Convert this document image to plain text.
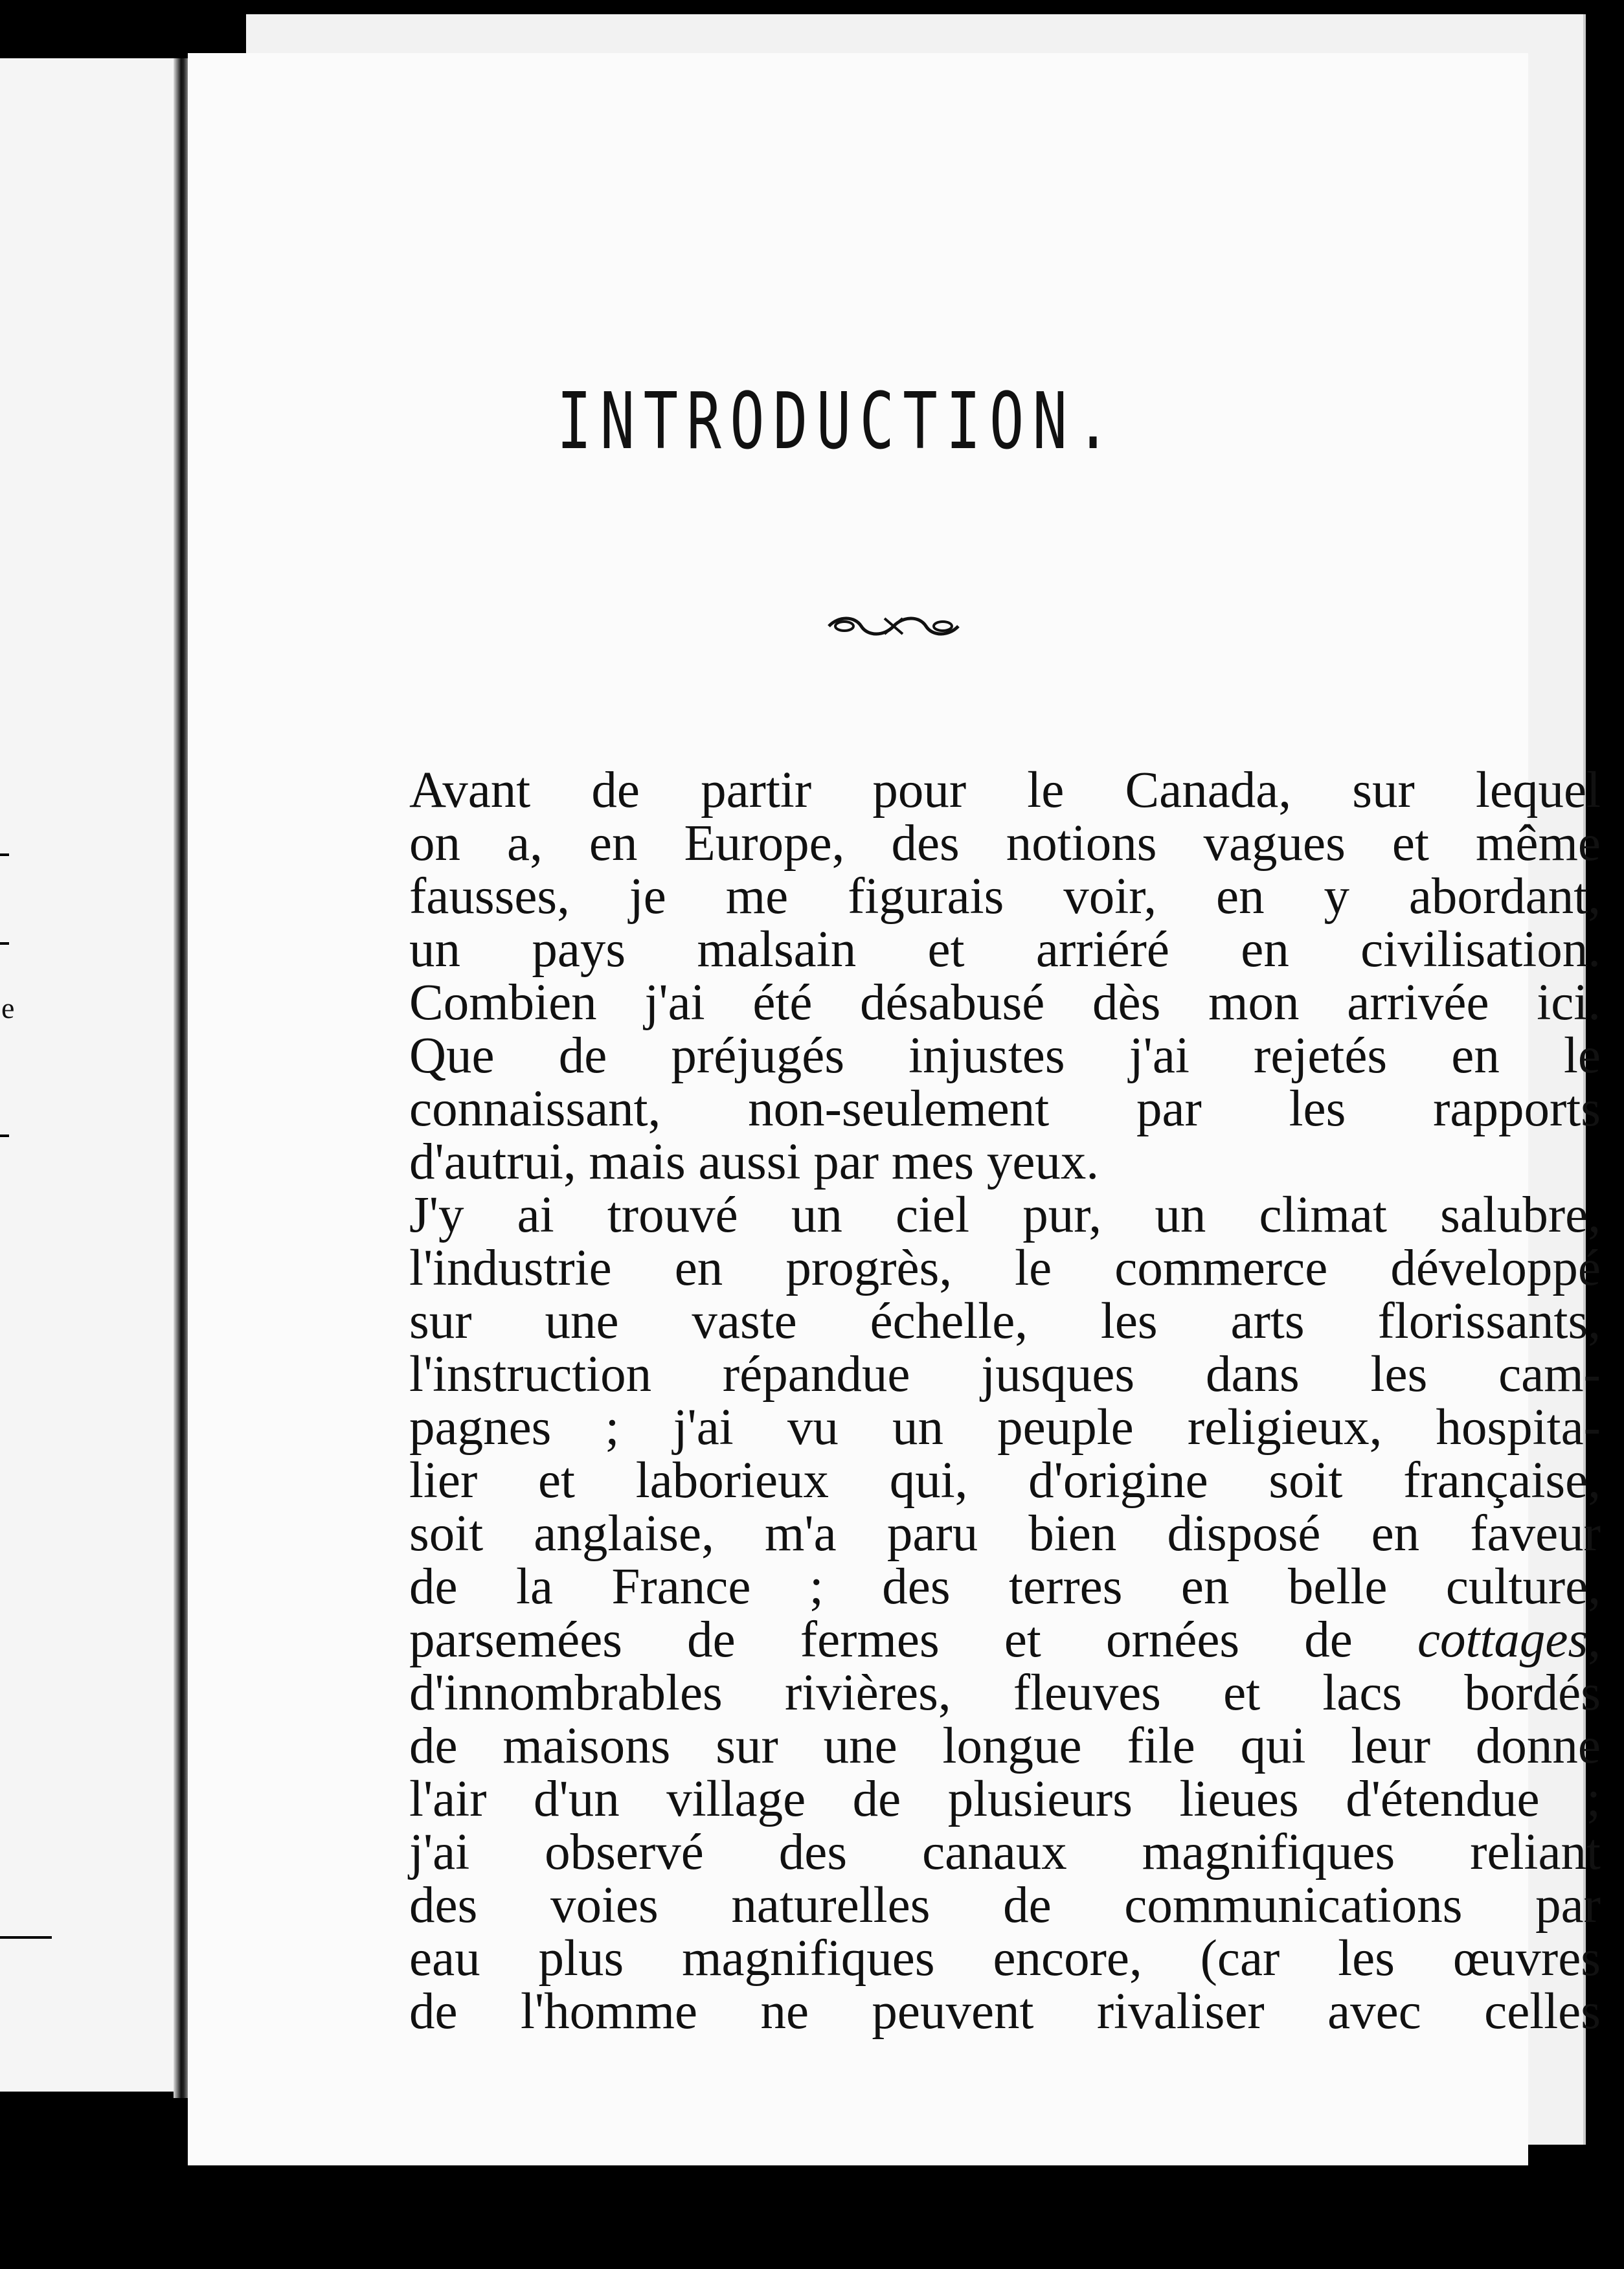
e
INTRODUCTION.

Avant de partir pour le Canada, sur lequel
on a, en Europe, des notions vagues et même
fausses, je me figurais voir, en y abordant,
un pays malsain et arriéré en civilisation.
Combien j'ai été désabusé dès mon arrivée ici.
Que de préjugés injustes j'ai rejetés en le
connaissant, non-seulement par les rapports
d'autrui, mais aussi par mes yeux.

J'y ai trouvé un ciel pur, un climat salubre,
l'industrie en progrès, le commerce développé
sur une vaste échelle, les arts florissants,
l'instruction répandue jusques dans les cam-
pagnes ; j'ai vu un peuple religieux, hospita-
lier et laborieux qui, d'origine soit française,
soit anglaise, m'a paru bien disposé en faveur
de la France ; des terres en belle culture,
parsemées de fermes et ornées de cottages,
d'innombrables rivières, fleuves et lacs bordés
de maisons sur une longue file qui leur donne
l'air d'un village de plusieurs lieues d'étendue ;
j'ai observé des canaux magnifiques reliant
des voies naturelles de communications par
eau plus magnifiques encore, (car les œuvres
de l'homme ne peuvent rivaliser avec celles
